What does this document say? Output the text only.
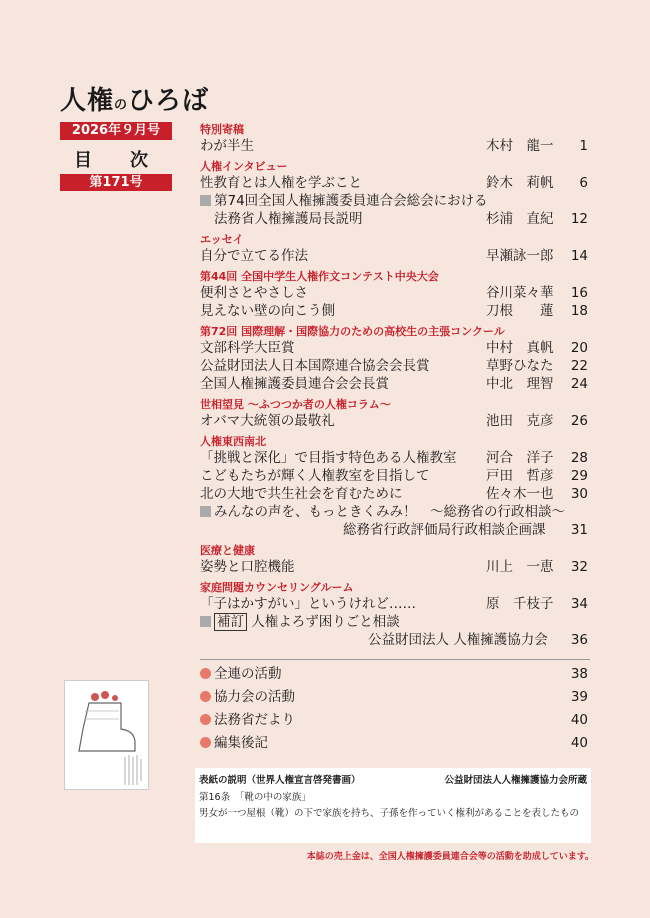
人権のひろば
2026年９月号
目　次
第171号
特別寄稿
わが半生	木村　龍一 1
人権インタビュー
性教育とは人権を学ぶこと	鈴木　莉帆 6
第74回全国人権擁護委員連合会総会における
法務省人権擁護局長説明	杉浦　直紀 12
エッセイ
自分で立てる作法	早瀬詠一郎 14
第44回 全国中学生人権作文コンテスト中央大会
便利さとやさしさ	谷川菜々華 16
見えない壁の向こう側	刀根　　蓮 18
第72回 国際理解・国際協力のための高校生の主張コンクール
文部科学大臣賞	中村　真帆 20
公益財団法人日本国際連合協会会長賞	草野ひなた 22
全国人権擁護委員連合会会長賞	中北　理智 24
世相望見 ～ふつつか者の人権コラム～
オバマ大統領の最敬礼	池田　克彦 26
人権東西南北
「挑戦と深化」で目指す特色ある人権教室 河合　洋子 28
こどもたちが輝く人権教室を目指して	戸田　哲彦 29
北の大地で共生社会を育むために	佐々木一也 30
みんなの声を、もっときくみみ！　～総務省の行政相談～
総務省行政評価局行政相談企画課 31
医療と健康
姿勢と口腔機能	川上　一恵 32
家庭問題カウンセリングルーム
「子はかすがい」というけれど……	原　千枝子 34
補訂 人権よろず困りごと相談
公益財団法人 人権擁護協力会 36
全連の活動	38
協力会の活動	39
法務省だより	40
編集後記	40
表紙の説明（世界人権宣言啓発書画）	公益財団法人人権擁護協力会所蔵
第16条　「靴の中の家族」
男女が一つ屋根（靴）の下で家族を持ち、子孫を作っていく権利があることを表したもの
本誌の売上金は、全国人権擁護委員連合会等の活動を助成しています。
